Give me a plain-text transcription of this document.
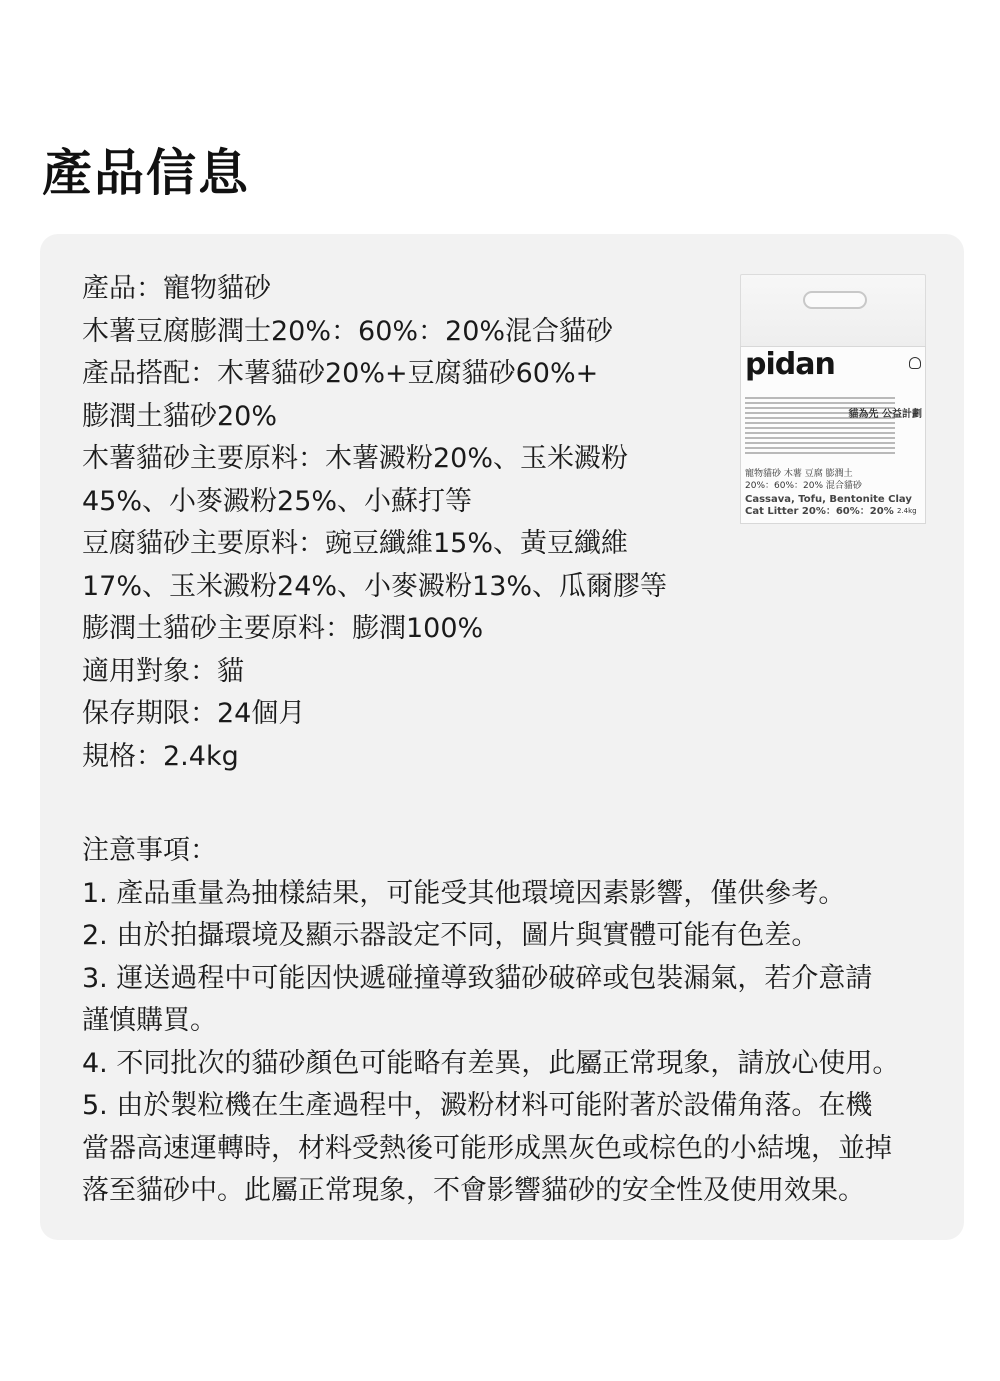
產品信息
產品：寵物貓砂
木薯豆腐膨潤士20%：60%：20%混合貓砂
產品搭配：木薯貓砂20%+豆腐貓砂60%+
膨潤土貓砂20%
木薯貓砂主要原料：木薯澱粉20%、玉米澱粉
45%、小麥澱粉25%、小蘇打等
豆腐貓砂主要原料：豌豆纖維15%、黃豆纖維
17%、玉米澱粉24%、小麥澱粉13%、瓜爾膠等
膨潤土貓砂主要原料：膨潤100%
適用對象：貓
保存期限：24個月
規格：2.4kg
pidan
貓為先 公益計劃
寵物貓砂 木薯 豆腐 膨潤土
20%：60%：20% 混合貓砂
Cassava, Tofu, Bentonite Clay
Cat Litter 20%：60%：20% 2.4kg
注意事項：
1. 產品重量為抽樣結果，可能受其他環境因素影響，僅供參考。
2. 由於拍攝環境及顯示器設定不同，圖片與實體可能有色差。
3. 運送過程中可能因快遞碰撞導致貓砂破碎或包裝漏氣，若介意請
謹慎購買。
4. 不同批次的貓砂顏色可能略有差異，此屬正常現象，請放心使用。
5. 由於製粒機在生產過程中，澱粉材料可能附著於設備角落。在機
當器高速運轉時，材料受熱後可能形成黑灰色或棕色的小結塊，並掉
落至貓砂中。此屬正常現象，不會影響貓砂的安全性及使用效果。
